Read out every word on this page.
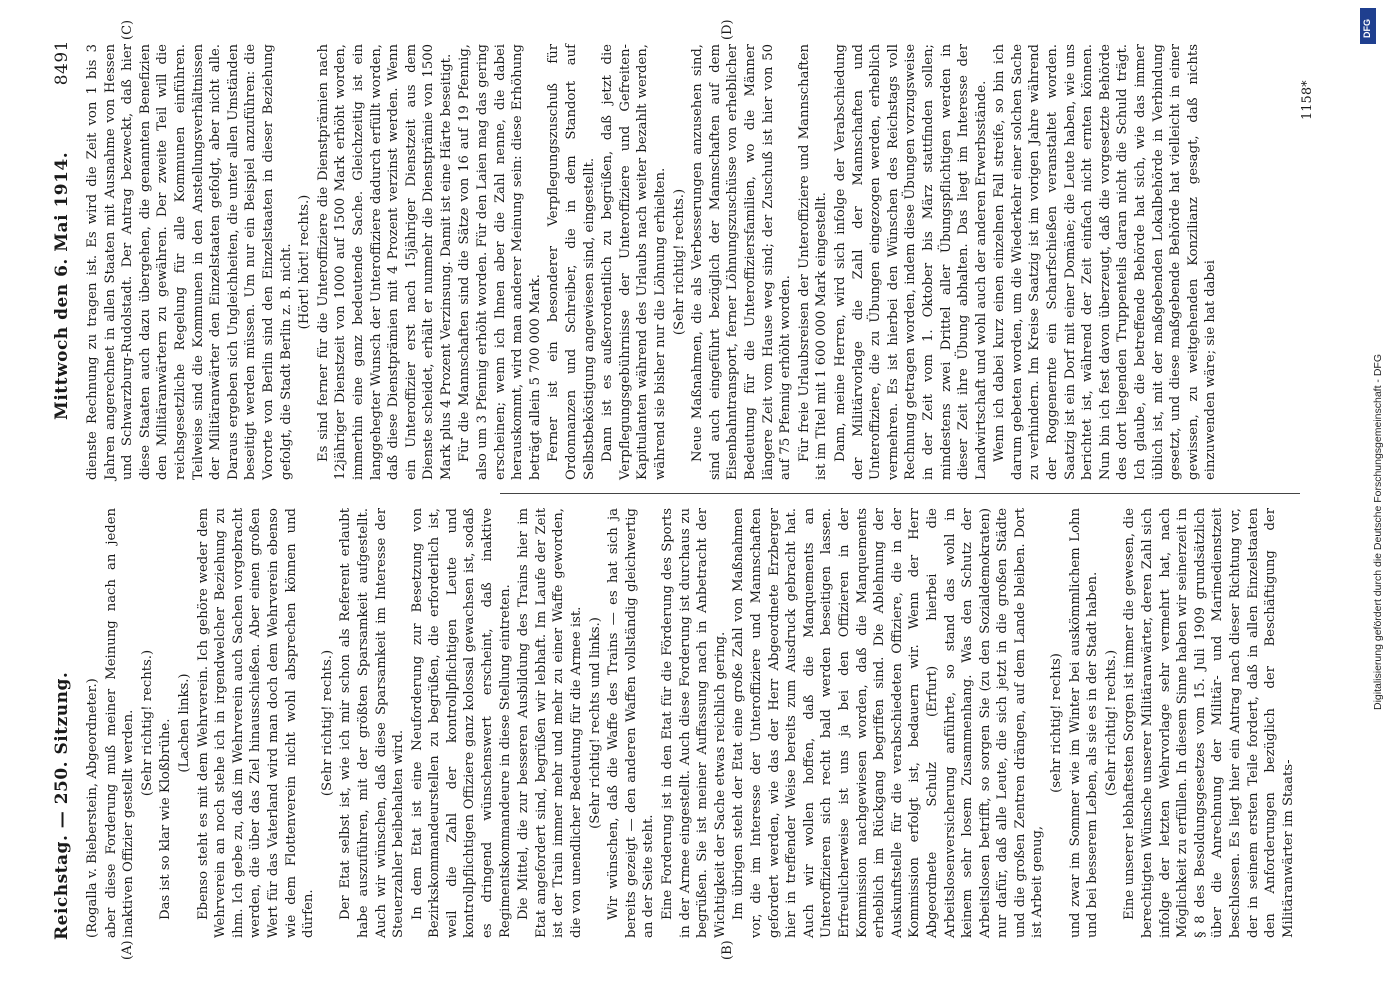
Reichstag. — 250. Sitzung.
Mittwoch den 6. Mai 1914.
8491
(A)	(B)
(C)	(D)

(Rogalla v. Bieberstein, Abgeordneter.) aber diese Forderung muß meiner Meinung nach an jeden inaktiven Offizier gestellt werden. (Sehr richtig! rechts.) Das ist so klar wie Kloßbrühe. (Lachen links.) Ebenso steht es mit dem Wehrverein. Ich gehöre weder dem Wehrverein an noch stehe ich in irgendwelcher Beziehung zu ihm. Ich gebe zu, daß im Wehrverein auch Sachen vorgebracht werden, die über das Ziel hinausschießen. Aber einen großen Wert für das Vaterland wird man doch dem Wehrverein ebenso wie dem Flottenverein nicht wohl absprechen können und dürfen.

(Sehr richtig! rechts.) Der Etat selbst ist, wie ich mir schon als Referent erlaubt habe auszuführen, mit der größten Sparsamkeit aufgestellt. Auch wir wünschen, daß diese Sparsamkeit im Interesse der Steuerzahler beibehalten wird. In dem Etat ist eine Neuforderung zur Besetzung von Bezirkskommandeurstellen zu begrüßen, die erforderlich ist, weil die Zahl der kontrollpflichtigen Leute und kontrollpflichtigen Offiziere ganz kolossal gewachsen ist, sodaß es dringend wünschenswert erscheint, daß inaktive Regimentskommandeure in diese Stellung eintreten. Die Mittel, die zur besseren Ausbildung des Trains hier im Etat angefordert sind, begrüßen wir lebhaft. Im Laufe der Zeit ist der Train immer mehr und mehr zu einer Waffe geworden, die von unendlicher Bedeutung für die Armee ist. (Sehr richtig! rechts und links.) Wir wünschen, daß die Waffe des Trains — es hat sich ja bereits gezeigt — den anderen Waffen vollständig gleichwertig an der Seite steht. Eine Forderung ist in den Etat für die Förderung des Sports in der Armee eingestellt. Auch diese Forderung ist durchaus zu begrüßen. Sie ist meiner Auffassung nach in Anbetracht der Wichtigkeit der Sache etwas reichlich gering. Im übrigen steht der Etat eine große Zahl von Maßnahmen vor, die im Interesse der Unteroffiziere und Mannschaften gefordert werden, wie das der Herr Abgeordnete Erzberger hier in treffender Weise bereits zum Ausdruck gebracht hat. Auch wir wollen hoffen, daß die Manquements an Unteroffizieren sich recht bald werden beseitigen lassen. Erfreulicherweise ist uns ja bei den Offizieren in der Kommission nachgewiesen worden, daß die Manquements erheblich im Rückgang begriffen sind. Die Ablehnung der Auskunftstelle für die verabschiedeten Offiziere, die in der Kommission erfolgt ist, bedauern wir. Wenn der Herr Abgeordnete Schulz (Erfurt) hierbei die Arbeitslosenversicherung anführte, so stand das wohl in keinem sehr losem Zusammenhang. Was den Schutz der Arbeitslosen betrifft, so sorgen Sie (zu den Sozialdemokraten) nur dafür, daß alle Leute, die sich jetzt in die großen Städte und die großen Zentren drängen, auf dem Lande bleiben. Dort ist Arbeit genug,

(sehr richtig! rechts) und zwar im Sommer wie im Winter bei auskömmlichem Lohn und bei besserem Leben, als sie es in der Stadt haben. (Sehr richtig! rechts.) Eine unserer lebhaftesten Sorgen ist immer die gewesen, die berechtigten Wünsche unserer Militäranwärter, deren Zahl sich infolge der letzten Wehrvorlage sehr vermehrt hat, nach Möglichkeit zu erfüllen. In diesem Sinne haben wir seinerzeit in § 8 des Besoldungsgesetzes vom 15. Juli 1909 grundsätzlich über die Anrechnung der Militär- und Marinedienstzeit beschlossen. Es liegt hier ein Antrag nach dieser Richtung vor, der in seinem ersten Teile fordert, daß in allen Einzelstaaten den Anforderungen bezüglich der Beschäftigung der Militäranwärter im Staats-

dienste Rechnung zu tragen ist. Es wird die Zeit von 1 bis 3 Jahren angerechnet in allen Staaten mit Ausnahme von Hessen und Schwarzburg-Rudolstadt. Der Antrag bezweckt, daß hier diese Staaten auch dazu übergehen, die genannten Benefizien den Militäranwärtern zu gewähren. Der zweite Teil will die reichsgesetzliche Regelung für alle Kommunen einführen. Teilweise sind die Kommunen in den Anstellungsverhältnissen der Militäranwärter den Einzelstaaten gefolgt, aber nicht alle. Daraus ergeben sich Ungleichheiten, die unter allen Umständen beseitigt werden müssen. Um nur ein Beispiel anzuführen: die Vororte von Berlin sind den Einzelstaaten in dieser Beziehung gefolgt, die Stadt Berlin z. B. nicht. (Hört! hört! rechts.) Es sind ferner für die Unteroffiziere die Dienstprämien nach 12jähriger Dienstzeit von 1000 auf 1500 Mark erhöht worden, immerhin eine ganz bedeutende Sache. Gleichzeitig ist ein langgehegter Wunsch der Unteroffiziere dadurch erfüllt worden, daß diese Dienstprämien mit 4 Prozent verzinst werden. Wenn ein Unteroffizier erst nach 15jähriger Dienstzeit aus dem Dienste scheidet, erhält er nunmehr die Dienstprämie von 1500 Mark plus 4 Prozent Verzinsung. Damit ist eine Härte beseitigt. Für die Mannschaften sind die Sätze von 16 auf 19 Pfennig, also um 3 Pfennig erhöht worden. Für den Laien mag das gering erscheinen; wenn ich Ihnen aber die Zahl nenne, die dabei herauskommt, wird man anderer Meinung sein: diese Erhöhung beträgt allein 5 700 000 Mark. Ferner ist ein besonderer Verpflegungszuschuß für Ordonnanzen und Schreiber, die in dem Standort auf Selbstbeköstigung angewiesen sind, eingestellt. Dann ist es außerordentlich zu begrüßen, daß jetzt die Verpflegungsgebührnisse der Unteroffiziere und Gefreiten-Kapitulanten während des Urlaubs nach weiter bezahlt werden, während sie bisher nur die Löhnung erhielten. (Sehr richtig! rechts.) Neue Maßnahmen, die als Verbesserungen anzusehen sind, sind auch eingeführt bezüglich der Mannschaften auf dem Eisenbahntransport, ferner Löhnungszuschüsse von erheblicher Bedeutung für die Unteroffiziersfamilien, wo die Männer längere Zeit vom Hause weg sind; der Zuschuß ist hier von 50 auf 75 Pfennig erhöht worden. Für freie Urlaubsreisen der Unteroffiziere und Mannschaften ist im Titel mit 1 600 000 Mark eingestellt. Dann, meine Herren, wird sich infolge der Verabschiedung der Militärvorlage die Zahl der Mannschaften und Unteroffiziere, die zu Übungen eingezogen werden, erheblich vermehren. Es ist hierbei den Wünschen des Reichstags voll Rechnung getragen worden, indem diese Übungen vorzugsweise in der Zeit vom 1. Oktober bis März stattfinden sollen; mindestens zwei Drittel aller Übungspflichtigen werden in dieser Zeit ihre Übung abhalten. Das liegt im Interesse der Landwirtschaft und wohl auch der anderen Erwerbsstände. Wenn ich dabei kurz einen einzelnen Fall streife, so bin ich darum gebeten worden, um die Wiederkehr einer solchen Sache zu verhindern. Im Kreise Saatzig ist im vorigen Jahre während der Roggenernte ein Scharfschießen veranstaltet worden. Saatzig ist ein Dorf mit einer Domäne; die Leute haben, wie uns berichtet ist, während der Zeit einfach nicht ernten können. Nun bin ich fest davon überzeugt, daß die vorgesetzte Behörde des dort liegenden Truppenteils daran nicht die Schuld trägt. Ich glaube, die betreffende Behörde hat sich, wie das immer üblich ist, mit der maßgebenden Lokalbehörde in Verbindung gesetzt, und diese maßgebende Behörde hat vielleicht in einer gewissen, zu weitgehenden Konzilianz gesagt, daß nichts einzuwenden wäre; sie hat dabei

1158*
DFG
Digitalisierung gefördert durch die Deutsche Forschungsgemeinschaft - DFG
